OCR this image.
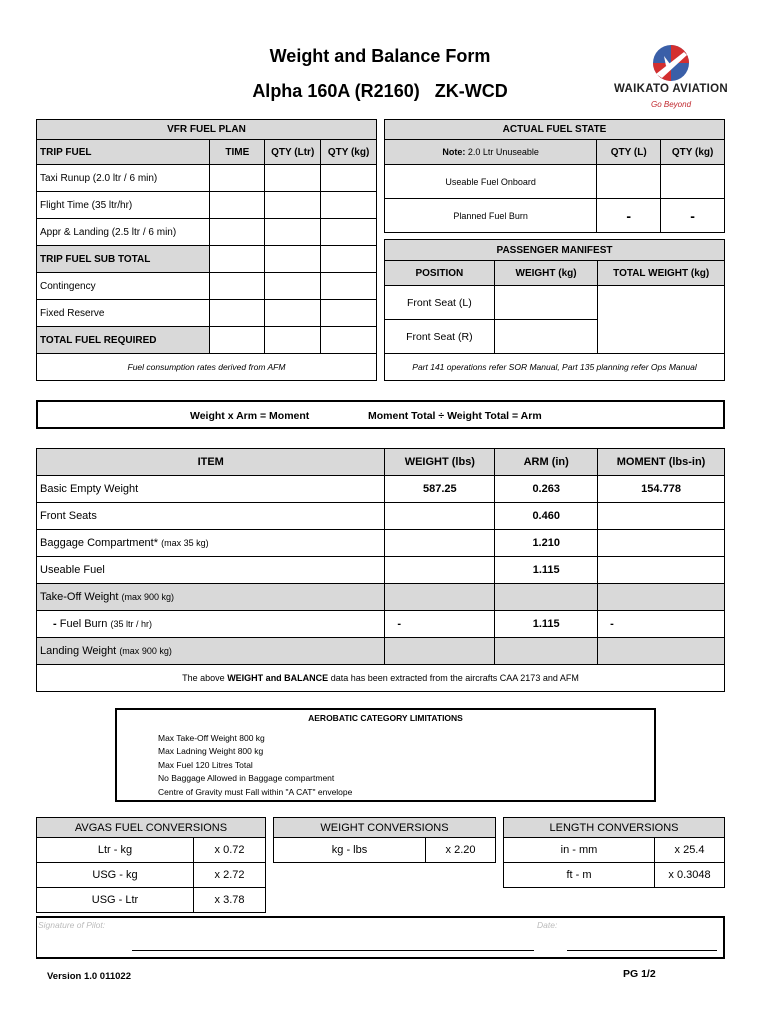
Weight and Balance Form
Alpha 160A (R2160)   ZK-WCD	WAIKATO AVIATION
Go Beyond
VFR FUEL PLAN			
TRIP FUEL	TIME	QTY (Ltr)	QTY (kg)
Taxi Runup (2.0 ltr / 6 min)			
Flight Time (35 ltr/hr)			
Appr & Landing (2.5 ltr / 6 min)			
TRIP FUEL SUB TOTAL			
Contingency			
Fixed Reserve			
TOTAL FUEL REQUIRED			
Fuel consumption rates derived from AFM			
ACTUAL FUEL STATE		
Note: 2.0 Ltr Unuseable	QTY (L)	QTY (kg)
Useable Fuel Onboard		
Planned Fuel Burn	-	-
PASSENGER MANIFEST		
POSITION	WEIGHT (kg)	TOTAL WEIGHT (kg)
Front Seat (L)		
Front Seat (R)		
Part 141 operations refer SOR Manual, Part 135 planning refer Ops Manual		
Weight x Arm = Moment	Moment Total ÷ Weight Total = Arm
ITEM	WEIGHT (lbs)	ARM (in)	MOMENT (lbs-in)
Basic Empty Weight	587.25	0.263	154.778
Front Seats		0.460	
Baggage Compartment* (max 35 kg)		1.210	
Useable Fuel		1.115	
Take-Off Weight (max 900 kg)			
- Fuel Burn (35 ltr / hr)	-	1.115	-
Landing Weight (max 900 kg)			
The above WEIGHT and BALANCE data has been extracted from the aircrafts CAA 2173 and AFM			
AEROBATIC CATEGORY LIMITATIONS
Max Take-Off Weight 800 kg
Max Ladning Weight 800 kg
Max Fuel 120 Litres Total
No Baggage Allowed in Baggage compartment
Centre of Gravity must Fall within "A CAT" envelope
AVGAS FUEL CONVERSIONS	
Ltr - kg	x 0.72
USG - kg	x 2.72
USG - Ltr	x 3.78
WEIGHT CONVERSIONS
kg - lbs	x 2.20
LENGTH CONVERSIONS	
in - mm	x 25.4
ft - m	x 0.3048
Signature of Pilot:	Date:
Version 1.0 011022	PG 1/2
